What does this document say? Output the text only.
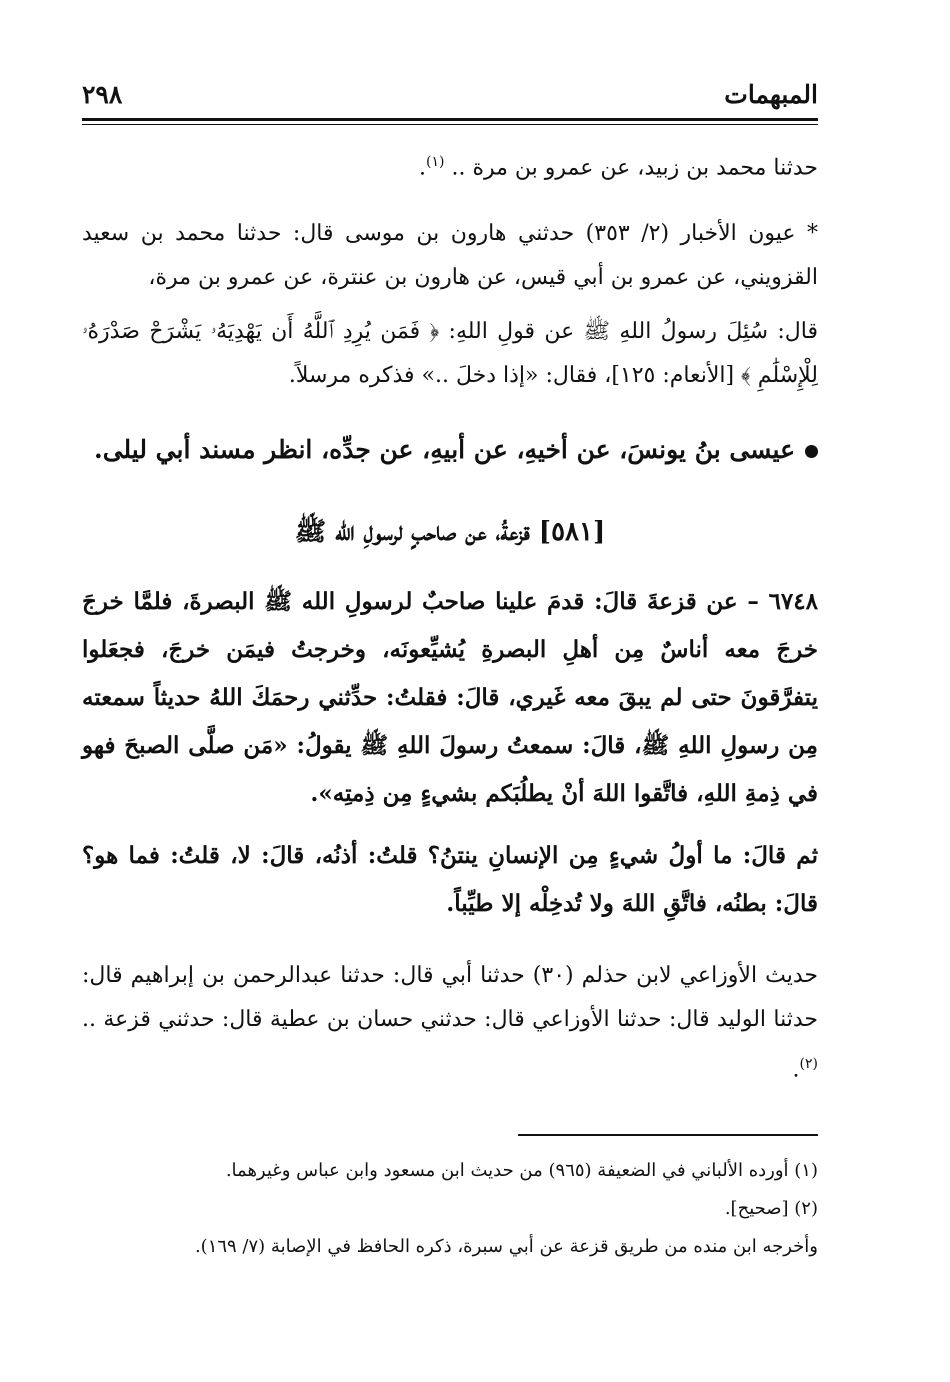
المبهمات
٢٩٨

حدثنا محمد بن زبيد، عن عمرو بن مرة .. $^{(١)}$.

* عيون الأخبار (٢/ ٣٥٣) حدثني هارون بن موسى قال: حدثنا محمد بن سعيد القزويني، عن عمرو بن أبي قيس، عن هارون بن عنترة، عن عمرو بن مرة،

قال: سُئِلَ رسولُ اللهِ ﷺ عن قولِ اللهِ: ﴿ فَمَن يُرِدِ ٱللَّهُ أَن يَهْدِيَهُۥ يَشْرَحْ صَدْرَهُۥ لِلْإِسْلَٰمِ ﴾ [الأنعام: ١٢٥]، فقال: «إذا دخلَ ..» فذكره مرسلاً.

عيسى بنُ يونسَ، عن أخيهِ، عن أبيهِ، عن جدِّه، انظر مسند أبي ليلى.

[٥٨١] قزعةُ، عن صاحبٍ لرسولِ الله ﷺ

٦٧٤٨ – عن قزعةَ قالَ: قدمَ علينا صاحبٌ لرسولِ الله ﷺ البصرةَ، فلمَّا خرجَ خرجَ معه أناسٌ مِن أهلِ البصرةِ يُشيِّعونَه، وخرجتُ فيمَن خرجَ، فجعَلوا يتفرَّقونَ حتى لم يبقَ معه غَيري، قالَ: فقلتُ: حدِّثني رحمَكَ اللهُ حديثاً سمعته مِن رسولِ اللهِ ﷺ، قالَ: سمعتُ رسولَ اللهِ ﷺ يقولُ: «مَن صلَّى الصبحَ فهو في ذِمةِ اللهِ، فاتَّقوا اللهَ أنْ يطلُبَكم بشيءٍ مِن ذِمتِه».

ثم قالَ: ما أولُ شيءٍ مِن الإنسانِ ينتنُ؟ قلتُ: أذنُه، قالَ: لا، قلتُ: فما هو؟ قالَ: بطنُه، فاتَّقِ اللهَ ولا تُدخِلْه إلا طيِّباً.

حديث الأوزاعي لابن حذلم (٣٠) حدثنا أبي قال: حدثنا عبدالرحمن بن إبراهيم قال: حدثنا الوليد قال: حدثنا الأوزاعي قال: حدثني حسان بن عطية قال: حدثني قزعة .. $^{(٢)}$.

(١) أورده الألباني في الضعيفة (٩٦٥) من حديث ابن مسعود وابن عباس وغيرهما.

(٢) [صحيح].

وأخرجه ابن منده من طريق قزعة عن أبي سبرة، ذكره الحافظ في الإصابة (٧/ ١٦٩).
